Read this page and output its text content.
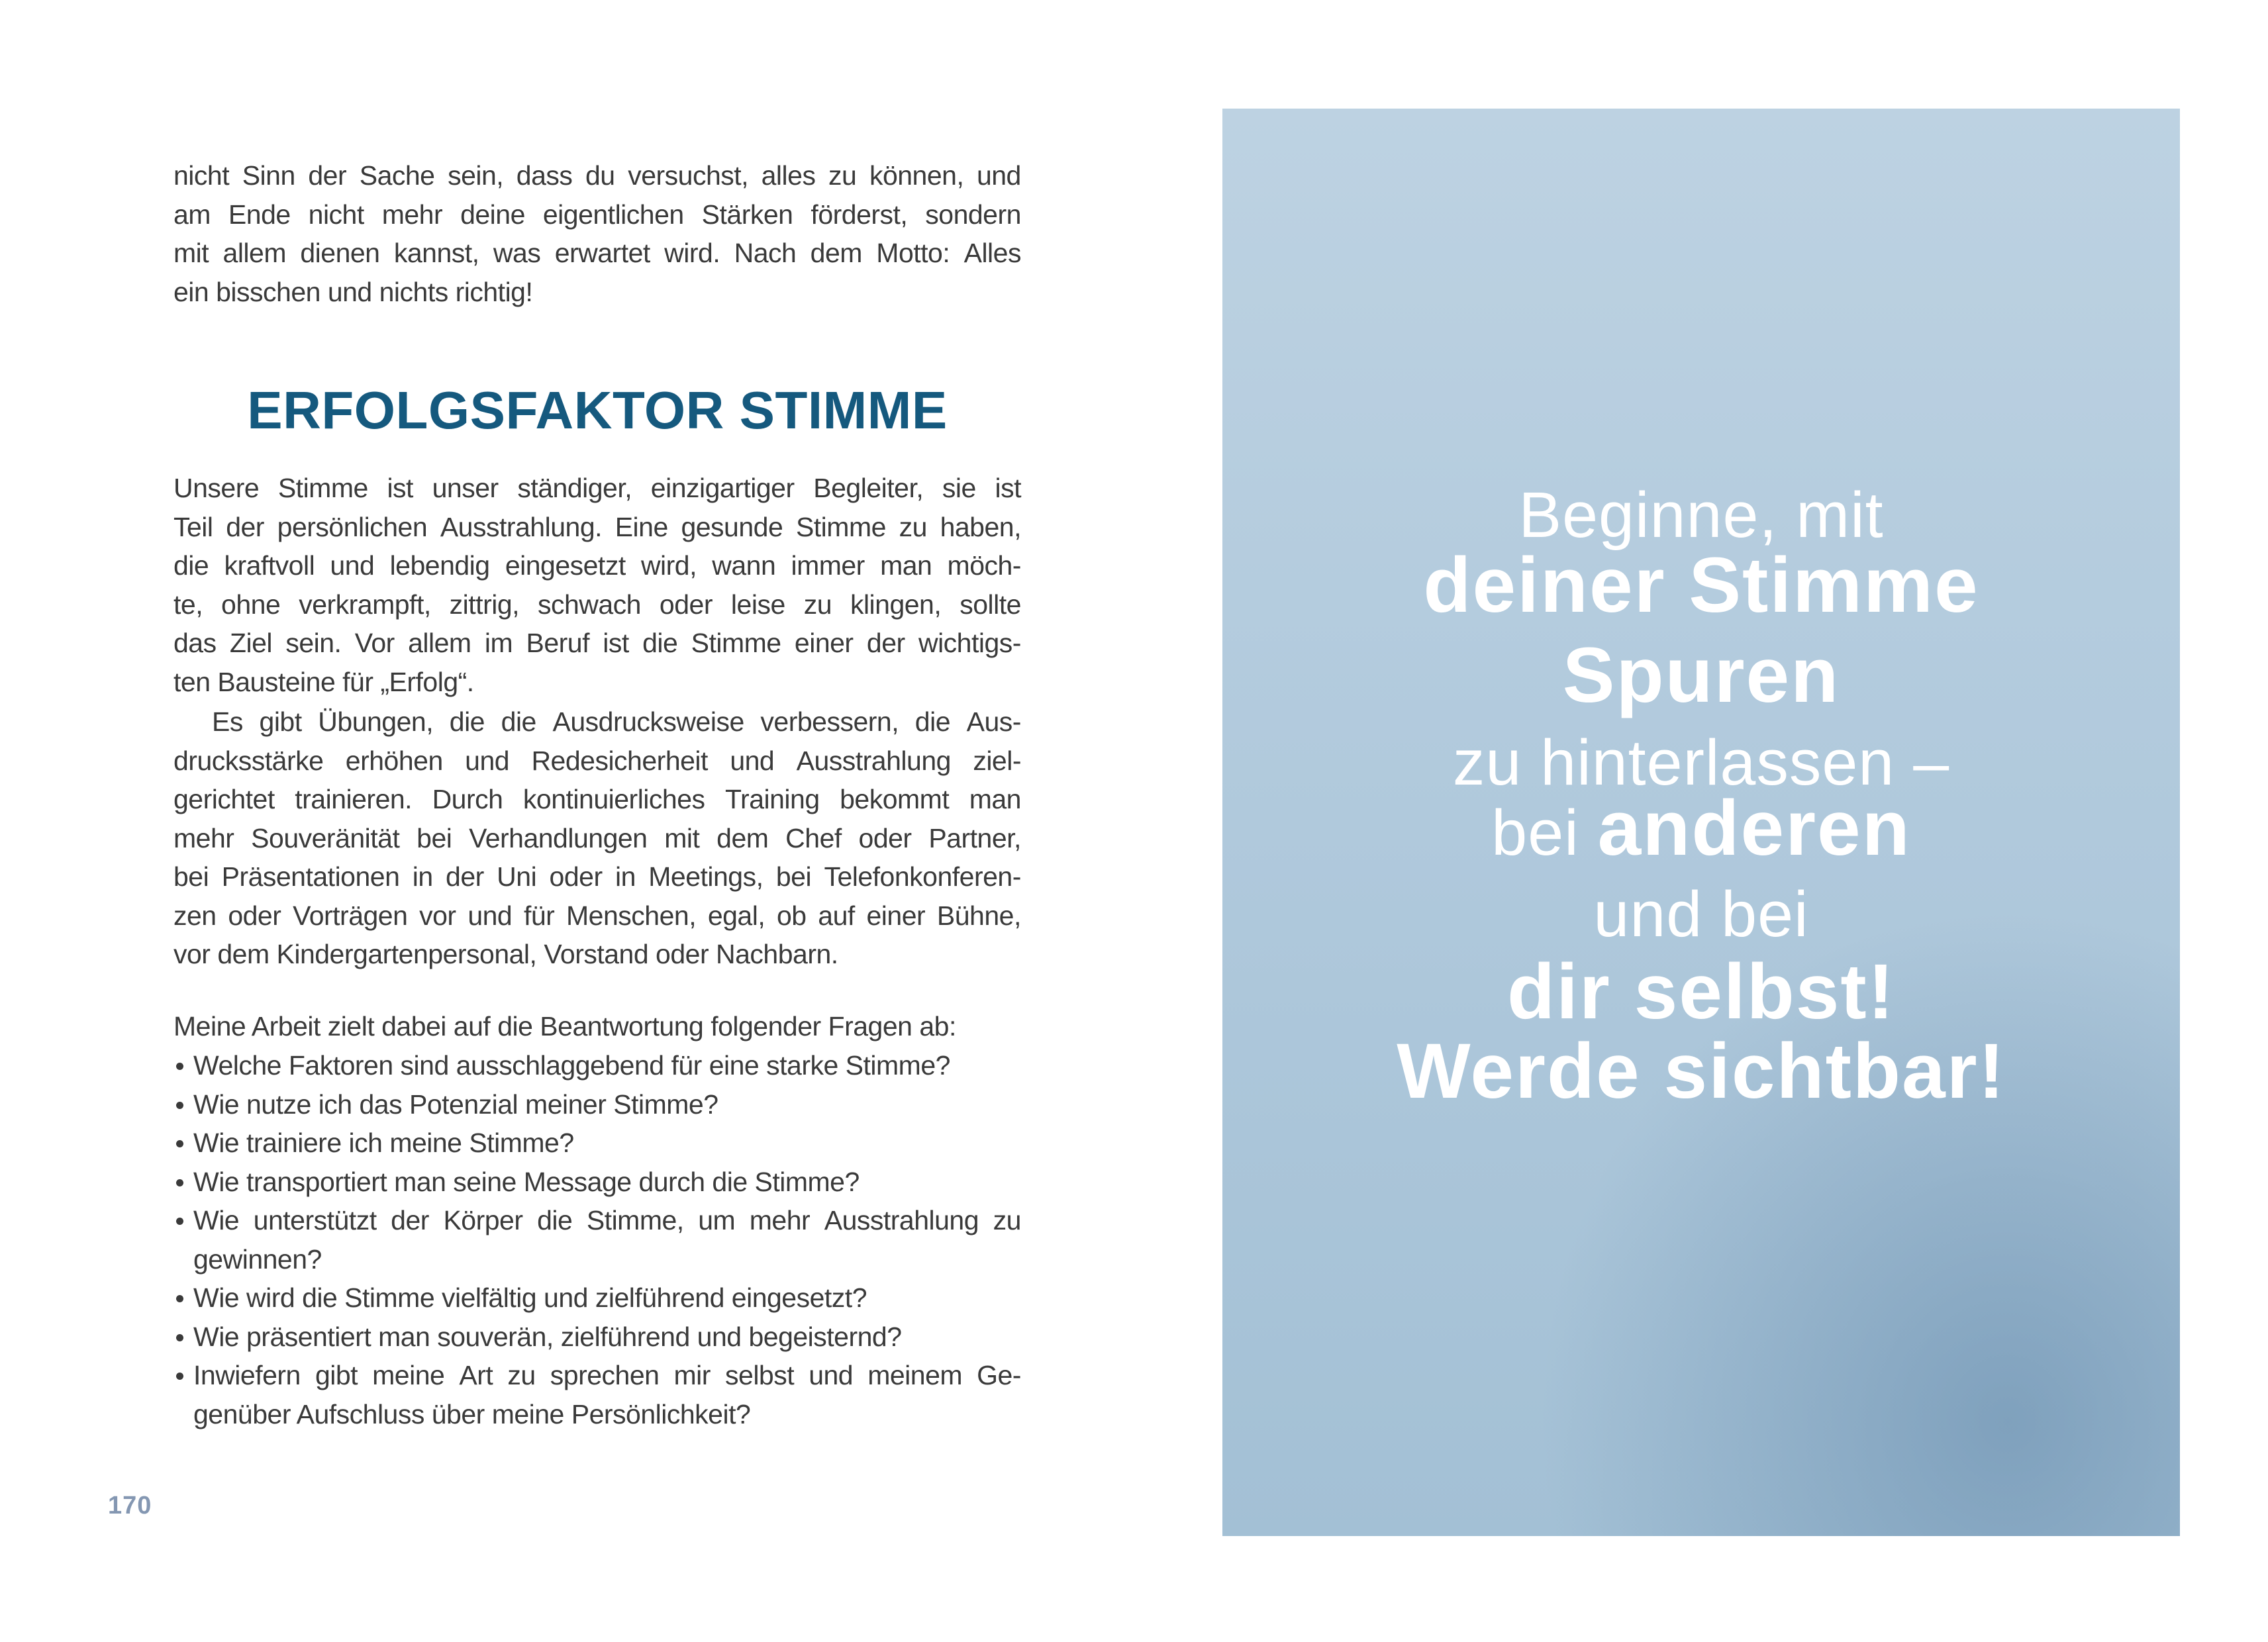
nicht Sinn der Sache sein, dass du versuchst, alles zu können, und
am Ende nicht mehr deine eigentlichen Stärken förderst, sondern
mit allem dienen kannst, was erwartet wird. Nach dem Motto: Alles
ein bisschen und nichts richtig!
ERFOLGSFAKTOR STIMME
Unsere Stimme ist unser ständiger, einzigartiger Begleiter, sie ist
Teil der persönlichen Ausstrahlung. Eine gesunde Stimme zu haben,
die kraftvoll und lebendig eingesetzt wird, wann immer man möch-
te, ohne verkrampft, zittrig, schwach oder leise zu klingen, sollte
das Ziel sein. Vor allem im Beruf ist die Stimme einer der wichtigs-
ten Bausteine für „Erfolg“.
Es gibt Übungen, die die Ausdrucksweise verbessern, die Aus-
drucksstärke erhöhen und Redesicherheit und Ausstrahlung ziel-
gerichtet trainieren. Durch kontinuierliches Training bekommt man
mehr Souveränität bei Verhandlungen mit dem Chef oder Partner,
bei Präsentationen in der Uni oder in Meetings, bei Telefonkonferen-
zen oder Vorträgen vor und für Menschen, egal, ob auf einer Bühne,
vor dem Kindergartenpersonal, Vorstand oder Nachbarn.
Meine Arbeit zielt dabei auf die Beantwortung folgender Fragen ab:
Welche Faktoren sind ausschlaggebend für eine starke Stimme?
Wie nutze ich das Potenzial meiner Stimme?
Wie trainiere ich meine Stimme?
Wie transportiert man seine Message durch die Stimme?
Wie unterstützt der Körper die Stimme, um mehr Ausstrahlung zu
gewinnen?
Wie wird die Stimme vielfältig und zielführend eingesetzt?
Wie präsentiert man souverän, zielführend und begeisternd?
Inwiefern gibt meine Art zu sprechen mir selbst und meinem Ge-
genüber Aufschluss über meine Persönlichkeit?
170
Beginne, mit
deiner Stimme
Spuren
zu hinterlassen –
bei anderen
und bei
dir selbst!
Werde sichtbar!
